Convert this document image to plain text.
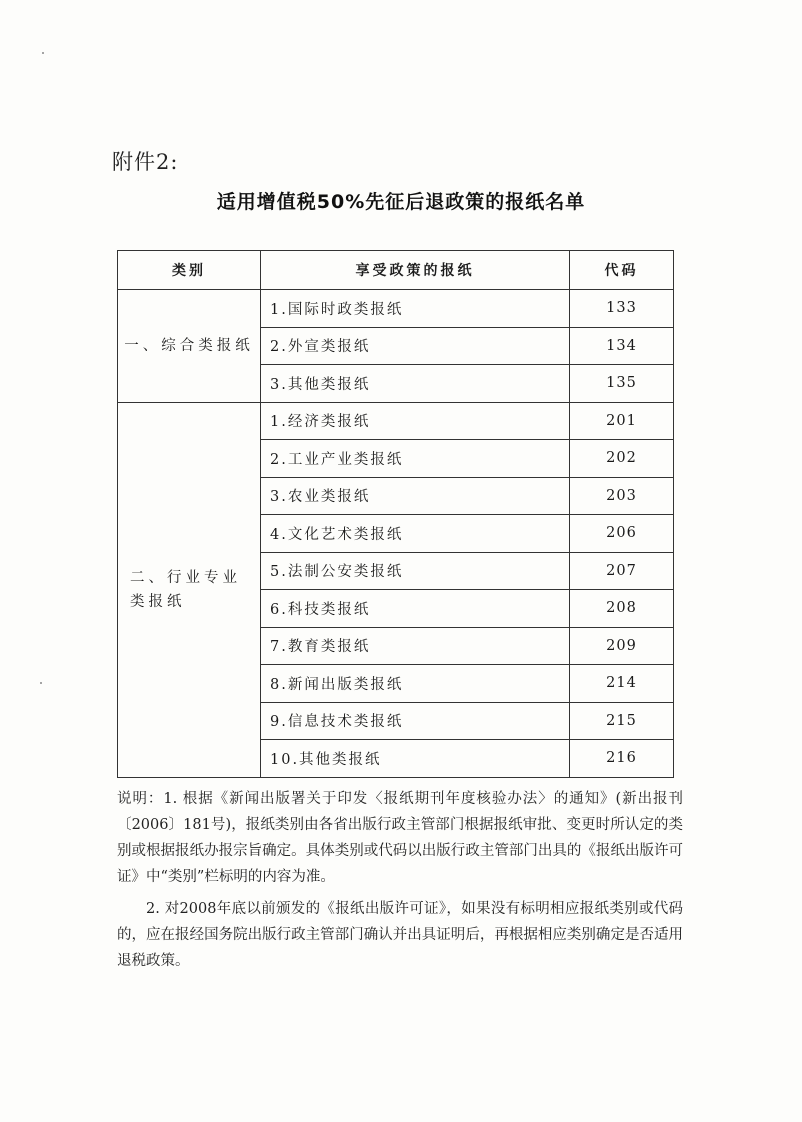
附件2:
适用增值税50%先征后退政策的报纸名单
类别	享受政策的报纸	代码
一、综合类报纸	1.国际时政类报纸	133
	2.外宣类报纸	134
	3.其他类报纸	135
二、行业专业类报纸	1.经济类报纸	201
	2.工业产业类报纸	202
	3.农业类报纸	203
	4.文化艺术类报纸	206
	5.法制公安类报纸	207
	6.科技类报纸	208
	7.教育类报纸	209
	8.新闻出版类报纸	214
	9.信息技术类报纸	215
	10.其他类报纸	216

说明：1. 根据《新闻出版署关于印发〈报纸期刊年度核验办法〉的通知》(新出报刊〔2006〕181号)，报纸类别由各省出版行政主管部门根据报纸审批、变更时所认定的类别或根据报纸办报宗旨确定。具体类别或代码以出版行政主管部门出具的《报纸出版许可证》中“类别”栏标明的内容为准。

2. 对2008年底以前颁发的《报纸出版许可证》，如果没有标明相应报纸类别或代码的，应在报经国务院出版行政主管部门确认并出具证明后，再根据相应类别确定是否适用退税政策。
